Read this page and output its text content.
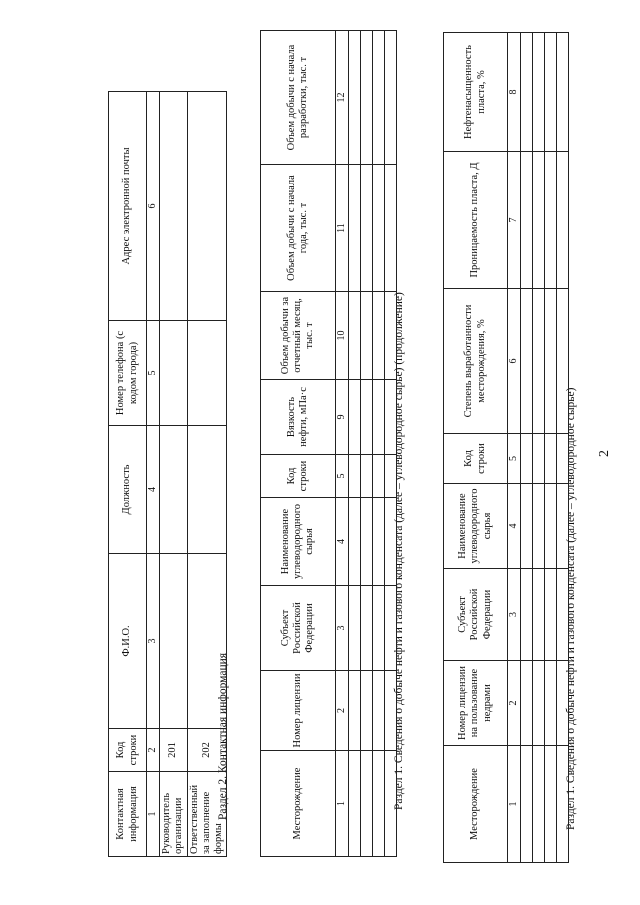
2
Раздел 1. Сведения о добыче нефти и газового конденсата (далее – углеводородное сырье)
Месторождение	Номер лицензии на пользование недрами	Субъект Российской Федерации	Наименование углеводородного сырья	Код строки	Степень выработанности месторождения, %	Проницаемость пласта, Д	Нефтенасыщенность пласта, %
1	2	3	4	5	6	7	8

Раздел 1. Сведения о добыче нефти и газового конденсата (далее – углеводородное сырье) (продолжение)
Месторождение	Номер лицензии	Субъект Российской Федерации	Наименование углеводородного сырья	Код строки	Вязкость нефти, мПа·с	Объем добычи за отчетный месяц, тыс. т	Объем добычи с начала года, тыс. т	Объем добычи с начала разработки, тыс. т
1	2	3	4	5	9	10	11	12

Раздел 2. Контактная информация
Контактная информация	Код строки	Ф.И.О.	Должность	Номер телефона (с кодом города)	Адрес электронной почты
1	2	3	4	5	6
Руководитель организации	201				
Ответственный за заполнение формы	202				
